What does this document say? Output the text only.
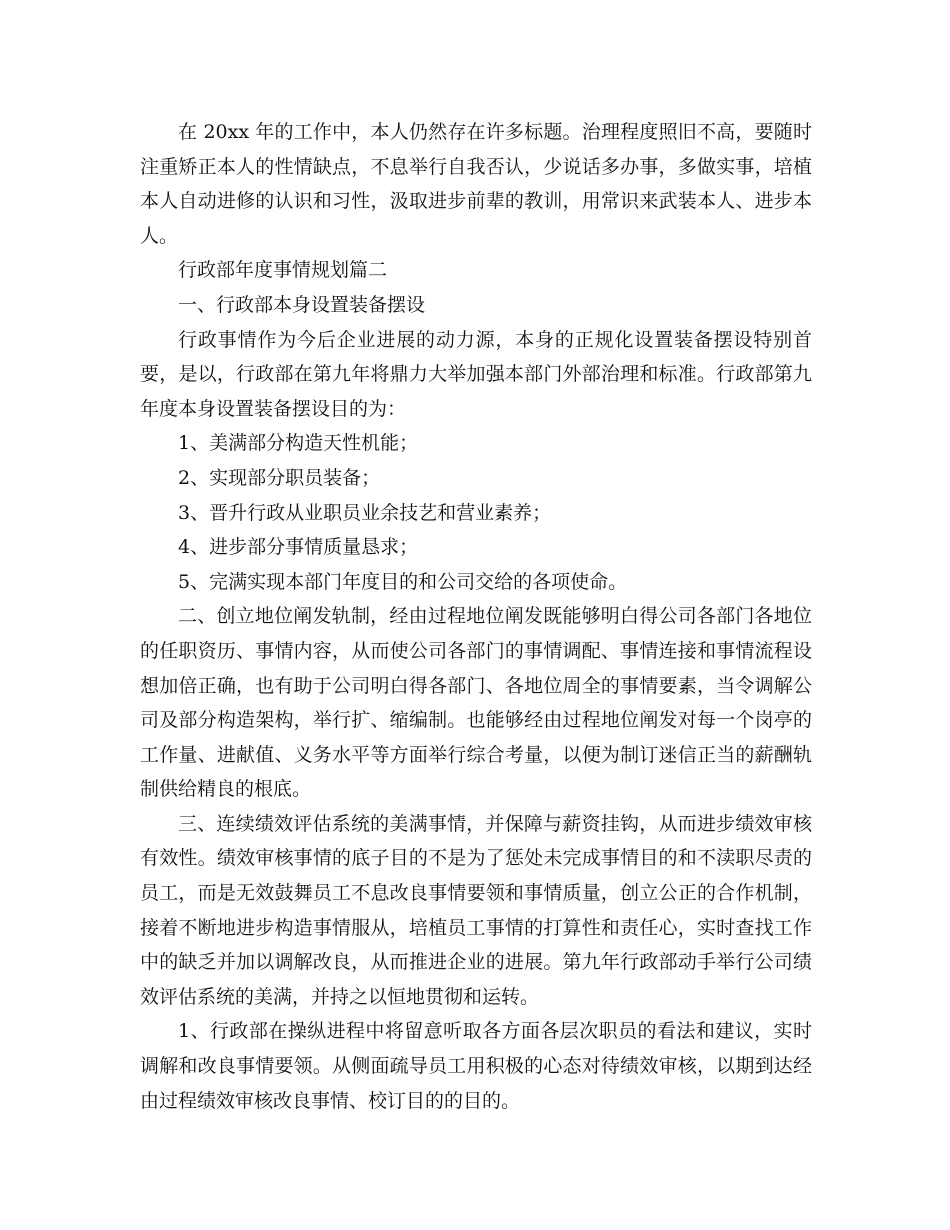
在 20xx 年的工作中，本人仍然存在许多标题。治理程度照旧不高，要随时注重矫正本人的性情缺点，不息举行自我否认，少说话多办事，多做实事，培植本人自动进修的认识和习性，汲取进步前辈的教训，用常识来武装本人、进步本人。

行政部年度事情规划篇二

一、行政部本身设置装备摆设

行政事情作为今后企业进展的动力源，本身的正规化设置装备摆设特别首要，是以，行政部在第九年将鼎力大举加强本部门外部治理和标准。行政部第九年度本身设置装备摆设目的为：

1、美满部分构造天性机能；

2、实现部分职员装备；

3、晋升行政从业职员业余技艺和营业素养；

4、进步部分事情质量恳求；

5、完满实现本部门年度目的和公司交给的各项使命。

二、创立地位阐发轨制，经由过程地位阐发既能够明白得公司各部门各地位的任职资历、事情内容，从而使公司各部门的事情调配、事情连接和事情流程设想加倍正确，也有助于公司明白得各部门、各地位周全的事情要素，当令调解公司及部分构造架构，举行扩、缩编制。也能够经由过程地位阐发对每一个岗亭的工作量、进献值、义务水平等方面举行综合考量，以便为制订迷信正当的薪酬轨制供给精良的根底。

三、连续绩效评估系统的美满事情，并保障与薪资挂钩，从而进步绩效审核有效性。绩效审核事情的底子目的不是为了惩处未完成事情目的和不渎职尽责的员工，而是无效鼓舞员工不息改良事情要领和事情质量，创立公正的合作机制，接着不断地进步构造事情服从，培植员工事情的打算性和责任心，实时查找工作中的缺乏并加以调解改良，从而推进企业的进展。第九年行政部动手举行公司绩效评估系统的美满，并持之以恒地贯彻和运转。

1、行政部在操纵进程中将留意听取各方面各层次职员的看法和建议，实时调解和改良事情要领。从侧面疏导员工用积极的心态对待绩效审核，以期到达经由过程绩效审核改良事情、校订目的的目的。
